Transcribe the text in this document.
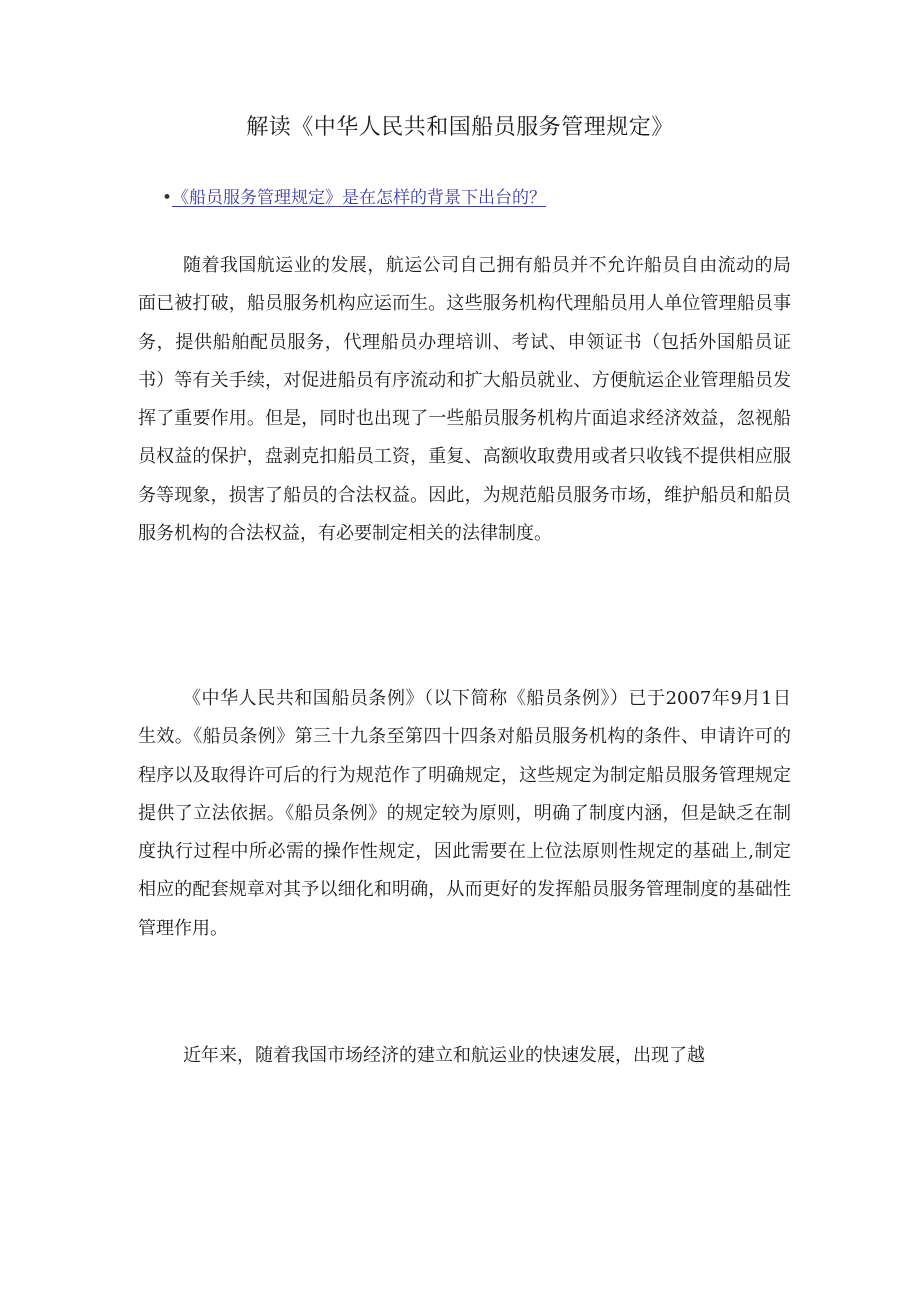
解读《中华人民共和国船员服务管理规定》
•《船员服务管理规定》是在怎样的背景下出台的？

随着我国航运业的发展，航运公司自己拥有船员并不允许船员自由流动的局面已被打破，船员服务机构应运而生。这些服务机构代理船员用人单位管理船员事务，提供船舶配员服务，代理船员办理培训、考试、申领证书（包括外国船员证书）等有关手续，对促进船员有序流动和扩大船员就业、方便航运企业管理船员发挥了重要作用。但是，同时也出现了一些船员服务机构片面追求经济效益，忽视船员权益的保护，盘剥克扣船员工资，重复、高额收取费用或者只收钱不提供相应服务等现象，损害了船员的合法权益。因此，为规范船员服务市场，维护船员和船员服务机构的合法权益，有必要制定相关的法律制度。

《中华人民共和国船员条例》（以下简称《船员条例》）已于2007年9月1日生效。《船员条例》第三十九条至第四十四条对船员服务机构的条件、申请许可的程序以及取得许可后的行为规范作了明确规定，这些规定为制定船员服务管理规定提供了立法依据。《船员条例》的规定较为原则，明确了制度内涵，但是缺乏在制度执行过程中所必需的操作性规定，因此需要在上位法原则性规定的基础上,制定相应的配套规章对其予以细化和明确，从而更好的发挥船员服务管理制度的基础性管理作用。

近年来，随着我国市场经济的建立和航运业的快速发展，出现了越
